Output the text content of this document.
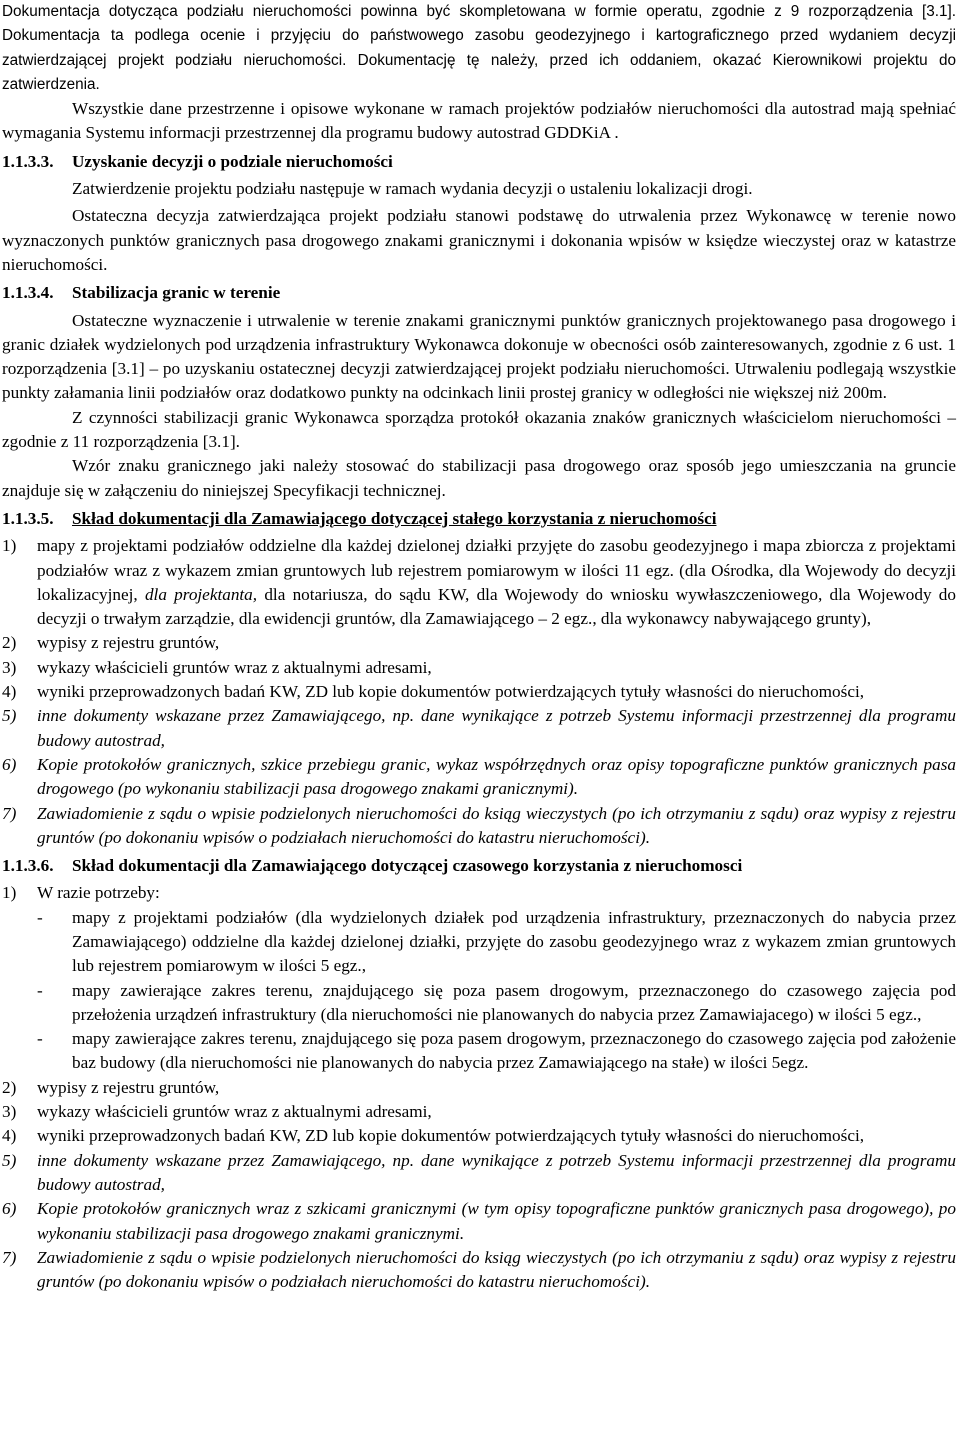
Dokumentacja dotycząca podziału nieruchomości powinna być skompletowana w formie operatu, zgodnie z 9 rozporządzenia [3.1]. Dokumentacja ta podlega ocenie i przyjęciu do państwowego zasobu geodezyjnego i kartograficznego przed wydaniem decyzji zatwierdzającej projekt podziału nieruchomości. Dokumentację tę należy, przed ich oddaniem, okazać Kierownikowi projektu do zatwierdzenia.

Wszystkie dane przestrzenne i opisowe wykonane w ramach projektów podziałów nieruchomości dla autostrad mają spełniać wymagania Systemu informacji przestrzennej dla programu budowy autostrad GDDKiA .

1.1.3.3. Uzyskanie decyzji o podziale nieruchomości

Zatwierdzenie projektu podziału następuje w ramach wydania decyzji o ustaleniu lokalizacji drogi.

Ostateczna decyzja zatwierdzająca projekt podziału stanowi podstawę do utrwalenia przez Wykonawcę w terenie nowo wyznaczonych punktów granicznych pasa drogowego znakami granicznymi i dokonania wpisów w księdze wieczystej oraz w katastrze nieruchomości.

1.1.3.4. Stabilizacja granic w terenie

Ostateczne wyznaczenie i utrwalenie w terenie znakami granicznymi punktów granicznych projektowanego pasa drogowego i granic działek wydzielonych pod urządzenia infrastruktury Wykonawca dokonuje w obecności osób zainteresowanych, zgodnie z 6 ust. 1 rozporządzenia [3.1] – po uzyskaniu ostatecznej decyzji zatwierdzającej projekt podziału nieruchomości. Utrwaleniu podlegają wszystkie punkty załamania linii podziałów oraz dodatkowo punkty na odcinkach linii prostej granicy w odległości nie większej niż 200m.

Z czynności stabilizacji granic Wykonawca sporządza protokół okazania znaków granicznych właścicielom nieruchomości – zgodnie z 11 rozporządzenia [3.1].

Wzór znaku granicznego jaki należy stosować do stabilizacji pasa drogowego oraz sposób jego umieszczania na gruncie znajduje się w załączeniu do niniejszej Specyfikacji technicznej.

1.1.3.5. Skład dokumentacji dla Zamawiającego dotyczącej stałego korzystania z nieruchomości

1)	mapy z projektami podziałów oddzielne dla każdej dzielonej działki przyjęte do zasobu geodezyjnego i mapa zbiorcza z projektami podziałów wraz z wykazem zmian gruntowych lub rejestrem pomiarowym w ilości 11 egz. (dla Ośrodka, dla Wojewody do decyzji lokalizacyjnej, dla projektanta, dla notariusza, do sądu KW, dla Wojewody do wniosku wywłaszczeniowego, dla Wojewody do decyzji o trwałym zarządzie, dla ewidencji gruntów, dla Zamawiającego – 2 egz., dla wykonawcy nabywającego grunty),
2)	wypisy z rejestru gruntów,
3)	wykazy właścicieli gruntów wraz z aktualnymi adresami,
4)	wyniki przeprowadzonych badań KW, ZD lub kopie dokumentów potwierdzających tytuły własności do nieruchomości,
5)	inne dokumenty wskazane przez Zamawiającego, np. dane wynikające z potrzeb Systemu informacji przestrzennej dla programu budowy autostrad,
6)	Kopie protokołów granicznych, szkice przebiegu granic, wykaz współrzędnych oraz opisy topograficzne punktów granicznych pasa drogowego (po wykonaniu stabilizacji pasa drogowego znakami granicznymi).
7)	Zawiadomienie z sądu o wpisie podzielonych nieruchomości do ksiąg wieczystych (po ich otrzymaniu z sądu) oraz wypisy z rejestru gruntów (po dokonaniu wpisów o podziałach nieruchomości do katastru nieruchomości).

1.1.3.6. Skład dokumentacji dla Zamawiającego dotyczącej czasowego korzystania z nieruchomosci

1)	W razie potrzeby:
-	mapy z projektami podziałów (dla wydzielonych działek pod urządzenia infrastruktury, przeznaczonych do nabycia przez Zamawiającego) oddzielne dla każdej dzielonej działki, przyjęte do zasobu geodezyjnego wraz z wykazem zmian gruntowych lub rejestrem pomiarowym w ilości 5 egz.,
-	mapy zawierające zakres terenu, znajdującego się poza pasem drogowym, przeznaczonego do czasowego zajęcia pod przełożenia urządzeń infrastruktury (dla nieruchomości nie planowanych do nabycia przez Zamawiajacego) w ilości 5 egz.,
-	mapy zawierające zakres terenu, znajdującego się poza pasem drogowym, przeznaczonego do czasowego zajęcia pod założenie baz budowy (dla nieruchomości nie planowanych do nabycia przez Zamawiającego na stałe) w ilości 5egz.
2)	wypisy z rejestru gruntów,
3)	wykazy właścicieli gruntów wraz z aktualnymi adresami,
4)	wyniki przeprowadzonych badań KW, ZD lub kopie dokumentów potwierdzających tytuły własności do nieruchomości,
5)	inne dokumenty wskazane przez Zamawiającego, np. dane wynikające z potrzeb Systemu informacji przestrzennej dla programu budowy autostrad,
6)	Kopie protokołów granicznych wraz z szkicami granicznymi (w tym opisy topograficzne punktów granicznych pasa drogowego), po wykonaniu stabilizacji pasa drogowego znakami granicznymi.
7)	Zawiadomienie z sądu o wpisie podzielonych nieruchomości do ksiąg wieczystych (po ich otrzymaniu z sądu) oraz wypisy z rejestru gruntów (po dokonaniu wpisów o podziałach nieruchomości do katastru nieruchomości).
